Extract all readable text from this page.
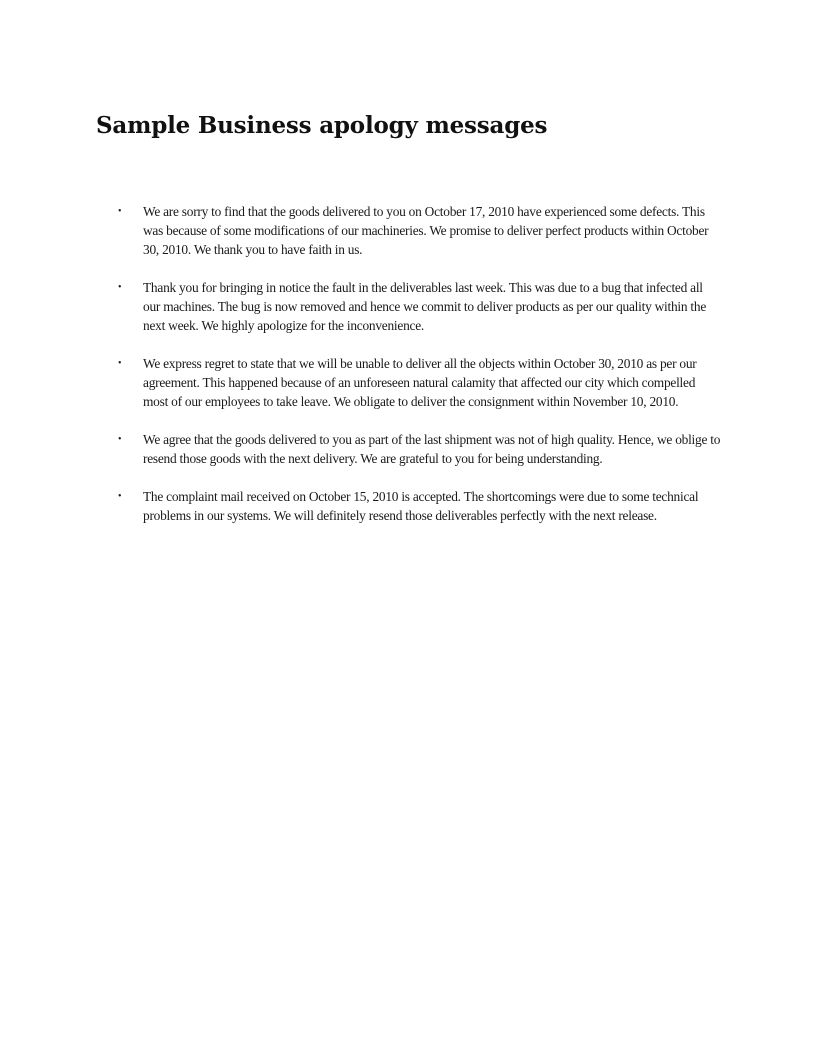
Sample Business apology messages
•	We are sorry to find that the goods delivered to you on October 17, 2010 have experienced some defects. This was because of some modifications of our machineries. We promise to deliver perfect products within October 30, 2010. We thank you to have faith in us.
•	Thank you for bringing in notice the fault in the deliverables last week. This was due to a bug that infected all our machines. The bug is now removed and hence we commit to deliver products as per our quality within the next week. We highly apologize for the inconvenience.
•	We express regret to state that we will be unable to deliver all the objects within October 30, 2010 as per our agreement. This happened because of an unforeseen natural calamity that affected our city which compelled most of our employees to take leave. We obligate to deliver the consignment within November 10, 2010.
•	We agree that the goods delivered to you as part of the last shipment was not of high quality. Hence, we oblige to resend those goods with the next delivery. We are grateful to you for being understanding.
•	The complaint mail received on October 15, 2010 is accepted. The shortcomings were due to some technical problems in our systems. We will definitely resend those deliverables perfectly with the next release.
